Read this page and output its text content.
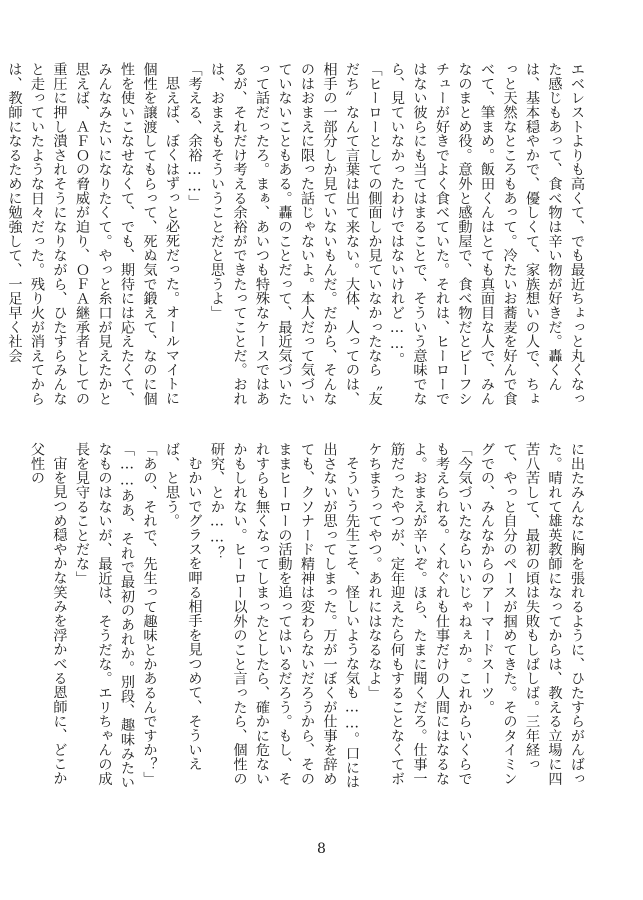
エベレストよりも高くて、でも最近ちょっと丸くなった感じもあって、食べ物は辛い物が好きだ。轟くんは、基本穏やかで、優しくて、家族想いの人で、ちょっと天然なところもあって。冷たいお蕎麦を好んで食べて、筆まめ。飯田くんはとても真面目な人で、みんなのまとめ役。意外と感動屋で、食べ物だとビーフシチューが好きでよく食べていた。それは、ヒーローではない彼らにも当てはまることで、そういう意味でなら、見ていなかったわけではないけれど……。

「ヒーローとしての側面しか見ていなかったなら〝友だち〟なんて言葉は出て来ない。大体、人ってのは、相手の一部分しか見ていないもんだ。だから、そんなのはおまえに限った話じゃないよ。本人だって気づいていないこともある。轟のことだって、最近気づいたって話だったろ。まぁ、あいつも特殊なケースではあるが、それだけ考える余裕ができたってことだ。おれは、おまえもそういうことだと思うよ」

「考える、余裕……」

思えば、ぼくはずっと必死だった。オールマイトに個性を譲渡してもらって、死ぬ気で鍛えて、なのに個性を使いこなせなくて、でも、期待には応えたくて、みんなみたいになりたくて。やっと糸口が見えたかと思えば、ＡＦＯの脅威が迫り、ＯＦＡ継承者としての重圧に押し潰されそうになりながら、ひたすらみんなと走っていたような日々だった。残り火が消えてからは、教師になるために勉強して、一足早く社会

に出たみんなに胸を張れるように、ひたすらがんばった。晴れて雄英教師になってからは、教える立場に四苦八苦して、最初の頃は失敗もしばしば。三年経って、やっと自分のペースが掴めてきた。そのタイミングでの、みんなからのアーマードスーツ。

「今気づいたならいいじゃねぇか。これからいくらでも考えられる。くれぐれも仕事だけの人間にはなるなよ。おまえが辛いぞ。ほら、たまに聞くだろ。仕事一筋だったやつが、定年迎えたら何もすることなくてボケちまうってやつ。あれにはなるなよ」

そういう先生こそ、怪しいような気も……。口には出さないが思ってしまった。万が一ぼくが仕事を辞めても、クソナード精神は変わらないだろうから、そのままヒーローの活動を追ってはいるだろう。もし、それすらも無くなってしまったとしたら、確かに危ないかもしれない。ヒーロー以外のこと言ったら、個性の研究、とか……？

むかいでグラスを呷る相手を見つめて、そういえば、と思う。

「あの、それで、先生って趣味とかあるんですか？」

「……ああ、それで最初のあれか。別段、趣味みたいなものはないが、最近は、そうだな。エリちゃんの成長を見守ることだな」

宙を見つめ穏やかな笑みを浮かべる恩師に、どこか父性の

8
